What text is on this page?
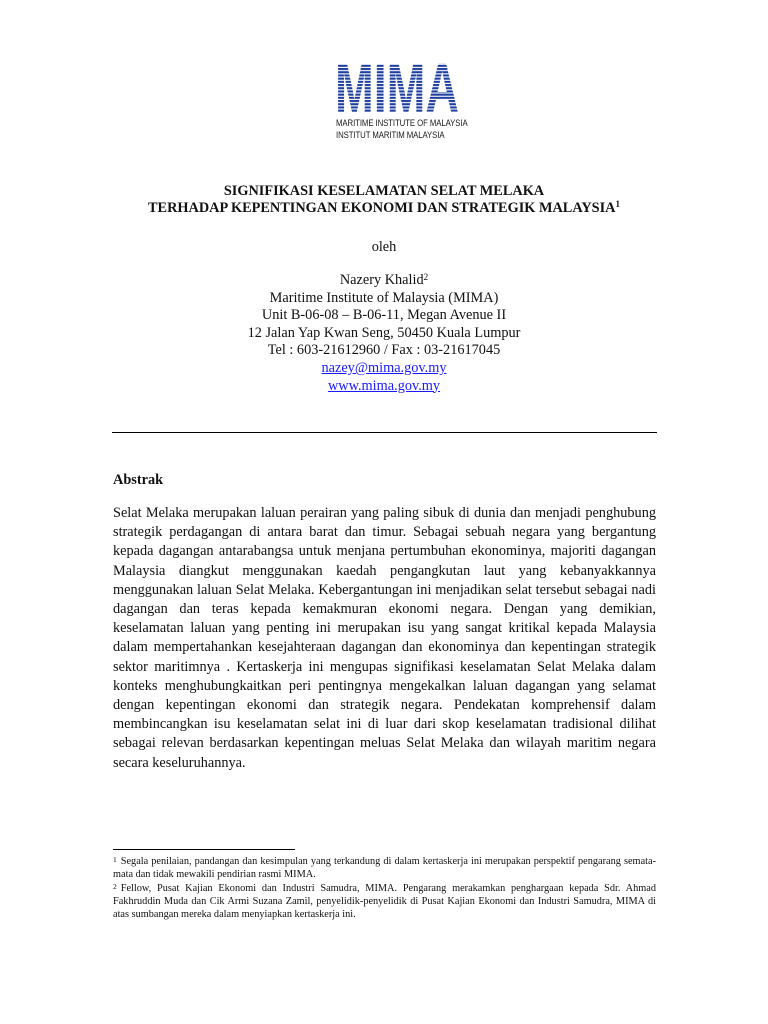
MIMA
MARITIME INSTITUTE OF MALAYSIA
INSTITUT MARITIM MALAYSIA
SIGNIFIKASI KESELAMATAN SELAT MELAKA
TERHADAP KEPENTINGAN EKONOMI DAN STRATEGIK MALAYSIA$^1$
oleh
Nazery Khalid$^2$
Maritime Institute of Malaysia (MIMA)
Unit B-06-08 – B-06-11, Megan Avenue II
12 Jalan Yap Kwan Seng, 50450 Kuala Lumpur
Tel : 603-21612960 / Fax : 03-21617045
nazey@mima.gov.my
www.mima.gov.my
Abstrak

Selat Melaka merupakan laluan perairan yang paling sibuk di dunia dan menjadi penghubung strategik perdagangan di antara barat dan timur. Sebagai sebuah negara yang bergantung kepada dagangan antarabangsa untuk menjana pertumbuhan ekonominya, majoriti dagangan Malaysia diangkut menggunakan kaedah pengangkutan laut yang kebanyakkannya menggunakan laluan Selat Melaka. Kebergantungan ini menjadikan selat tersebut sebagai nadi dagangan dan teras kepada kemakmuran ekonomi negara. Dengan yang demikian, keselamatan laluan yang penting ini merupakan isu yang sangat kritikal kepada Malaysia dalam mempertahankan kesejahteraan dagangan dan ekonominya dan kepentingan strategik sektor maritimnya . Kertaskerja ini mengupas signifikasi keselamatan Selat Melaka dalam konteks menghubungkaitkan peri pentingnya mengekalkan laluan dagangan yang selamat dengan kepentingan ekonomi dan strategik negara. Pendekatan komprehensif dalam membincangkan isu keselamatan selat ini di luar dari skop keselamatan tradisional dilihat sebagai relevan berdasarkan kepentingan meluas Selat Melaka dan wilayah maritim negara secara keseluruhannya.

$^1$ Segala penilaian, pandangan dan kesimpulan yang terkandung di dalam kertaskerja ini merupakan perspektif pengarang semata-mata dan tidak mewakili pendirian rasmi MIMA.

$^2$ Fellow, Pusat Kajian Ekonomi dan Industri Samudra, MIMA. Pengarang merakamkan penghargaan kepada Sdr. Ahmad Fakhruddin Muda dan Cik Armi Suzana Zamil, penyelidik-penyelidik di Pusat Kajian Ekonomi dan Industri Samudra, MIMA di atas sumbangan mereka dalam menyiapkan kertaskerja ini.
